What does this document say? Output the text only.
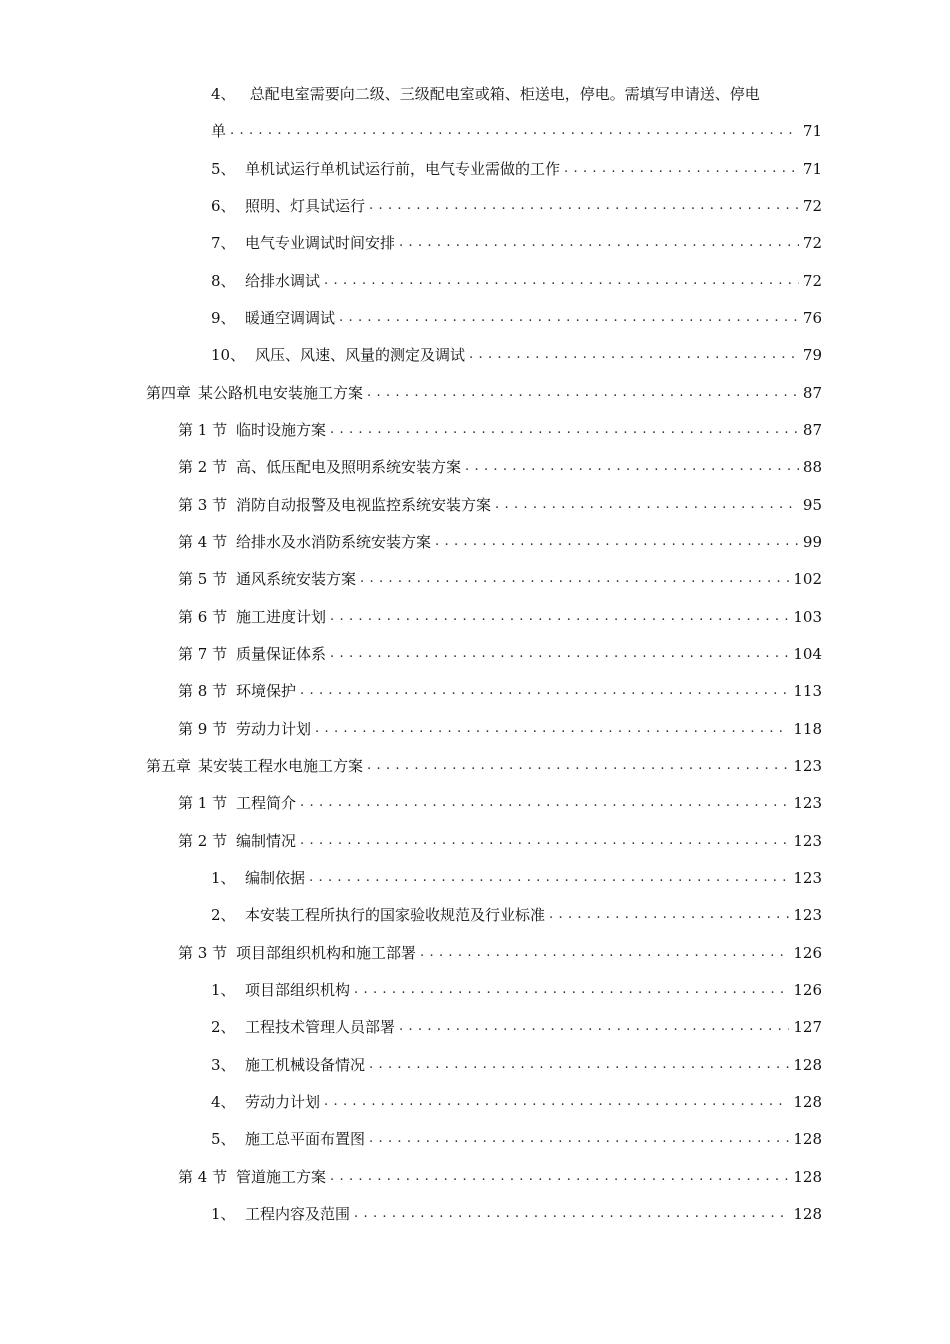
4、 总配电室需要向二级、三级配电室或箱、柜送电，停电。需填写申请送、停电
单 . . .	71
5、 单机试运行单机试运行前，电气专业需做的工作 . . .	71
6、 照明、灯具试运行 . . .	72
7、 电气专业调试时间安排 . . .	72
8、 给排水调试 . . .	72
9、 暖通空调调试 . . .	76
10、 风压、风速、风量的测定及调试 . . .	79
第四章 某公路机电安装施工方案 . . .	87
第 1 节 临时设施方案 . . .	87
第 2 节 高、低压配电及照明系统安装方案 . . .	88
第 3 节 消防自动报警及电视监控系统安装方案 . . .	95
第 4 节 给排水及水消防系统安装方案 . . .	99
第 5 节 通风系统安装方案 . . .	102
第 6 节 施工进度计划 . . .	103
第 7 节 质量保证体系 . . .	104
第 8 节 环境保护 . . .	113
第 9 节 劳动力计划 . . .	118
第五章 某安装工程水电施工方案 . . .	123
第 1 节 工程简介 . . .	123
第 2 节 编制情况 . . .	123
1、 编制依据 . . .	123
2、 本安装工程所执行的国家验收规范及行业标准 . . .	123
第 3 节 项目部组织机构和施工部署 . . .	126
1、 项目部组织机构 . . .	126
2、 工程技术管理人员部署 . . .	127
3、 施工机械设备情况 . . .	128
4、 劳动力计划 . . .	128
5、 施工总平面布置图 . . .	128
第 4 节 管道施工方案 . . .	128
1、 工程内容及范围 . . .	128
